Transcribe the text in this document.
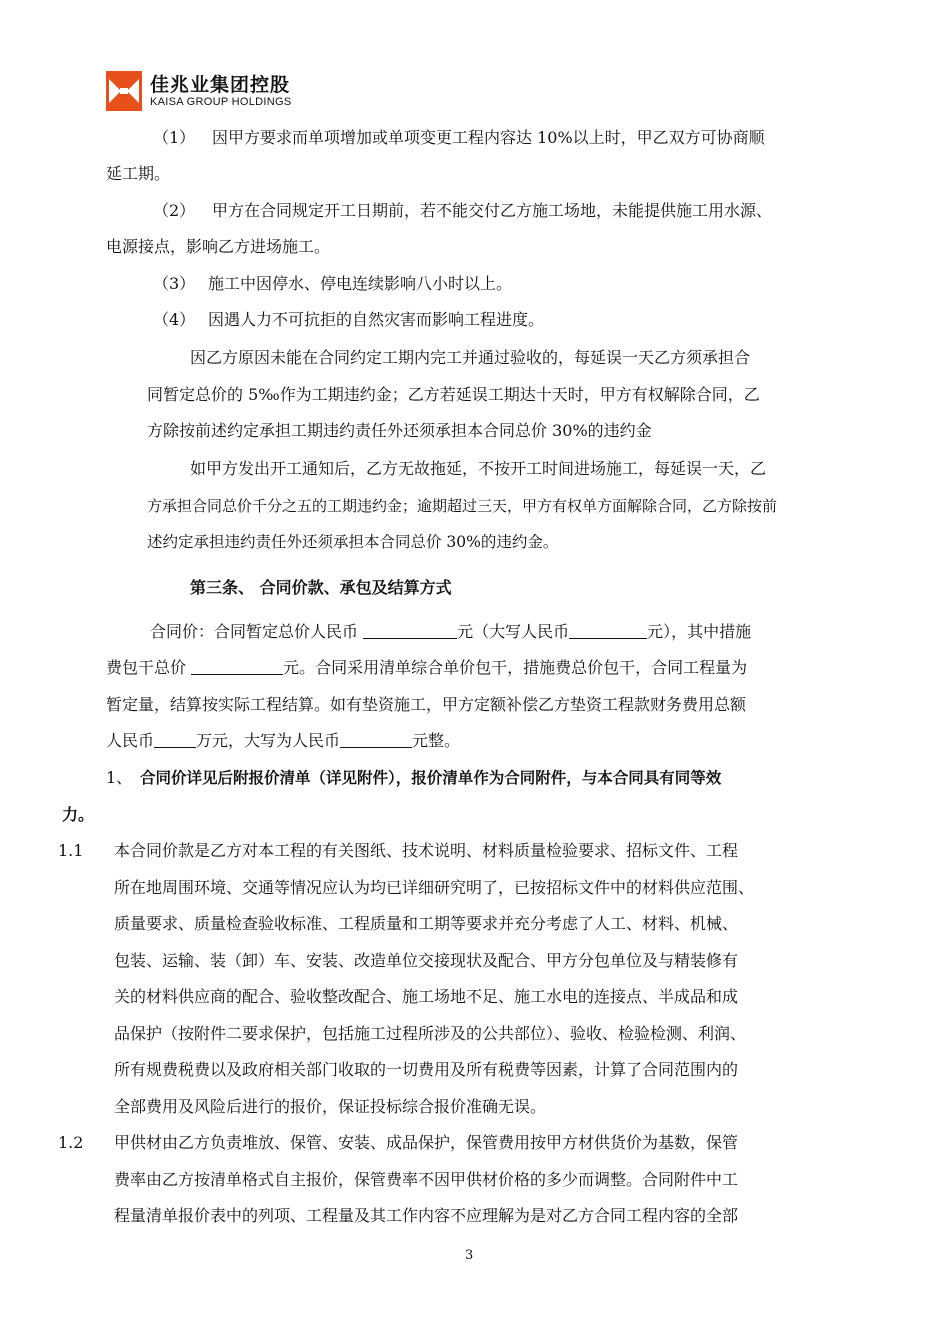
佳兆业集团控股
KAISA GROUP HOLDINGS
（1） 因甲方要求而单项增加或单项变更工程内容达 10%以上时，甲乙双方可协商顺
延工期。
（2） 甲方在合同规定开工日期前，若不能交付乙方施工场地，未能提供施工用水源、
电源接点，影响乙方进场施工。
（3） 施工中因停水、停电连续影响八小时以上。
（4） 因遇人力不可抗拒的自然灾害而影响工程进度。
因乙方原因未能在合同约定工期内完工并通过验收的，每延误一天乙方须承担合
同暂定总价的 5‰作为工期违约金；乙方若延误工期达十天时，甲方有权解除合同，乙
方除按前述约定承担工期违约责任外还须承担本合同总价 30%的违约金
如甲方发出开工通知后，乙方无故拖延，不按开工时间进场施工，每延误一天，乙
方承担合同总价千分之五的工期违约金；逾期超过三天，甲方有权单方面解除合同，乙方除按前
述约定承担违约责任外还须承担本合同总价 30%的违约金。
第三条、 合同价款、承包及结算方式
合同价：合同暂定总价人民币	元（大写人民币	元），其中措施
费包干总价	元。合同采用清单综合单价包干，措施费总价包干，合同工程量为
暂定量，结算按实际工程结算。如有垫资施工，甲方定额补偿乙方垫资工程款财务费用总额
人民币	万元，大写为人民币	元整。
1、 合同价详见后附报价清单（详见附件），报价清单作为合同附件，与本合同具有同等效
力。
1.1 本合同价款是乙方对本工程的有关图纸、技术说明、材料质量检验要求、招标文件、工程
所在地周围环境、交通等情况应认为均已详细研究明了，已按招标文件中的材料供应范围、
质量要求、质量检查验收标准、工程质量和工期等要求并充分考虑了人工、材料、机械、
包装、运输、装（卸）车、安装、改造单位交接现状及配合、甲方分包单位及与精装修有
关的材料供应商的配合、验收整改配合、施工场地不足、施工水电的连接点、半成品和成
品保护（按附件二要求保护，包括施工过程所涉及的公共部位）、验收、检验检测、利润、
所有规费税费以及政府相关部门收取的一切费用及所有税费等因素，计算了合同范围内的
全部费用及风险后进行的报价，保证投标综合报价准确无误。
1.2 甲供材由乙方负责堆放、保管、安装、成品保护，保管费用按甲方材供货价为基数，保管
费率由乙方按清单格式自主报价，保管费率不因甲供材价格的多少而调整。合同附件中工
程量清单报价表中的列项、工程量及其工作内容不应理解为是对乙方合同工程内容的全部
3
